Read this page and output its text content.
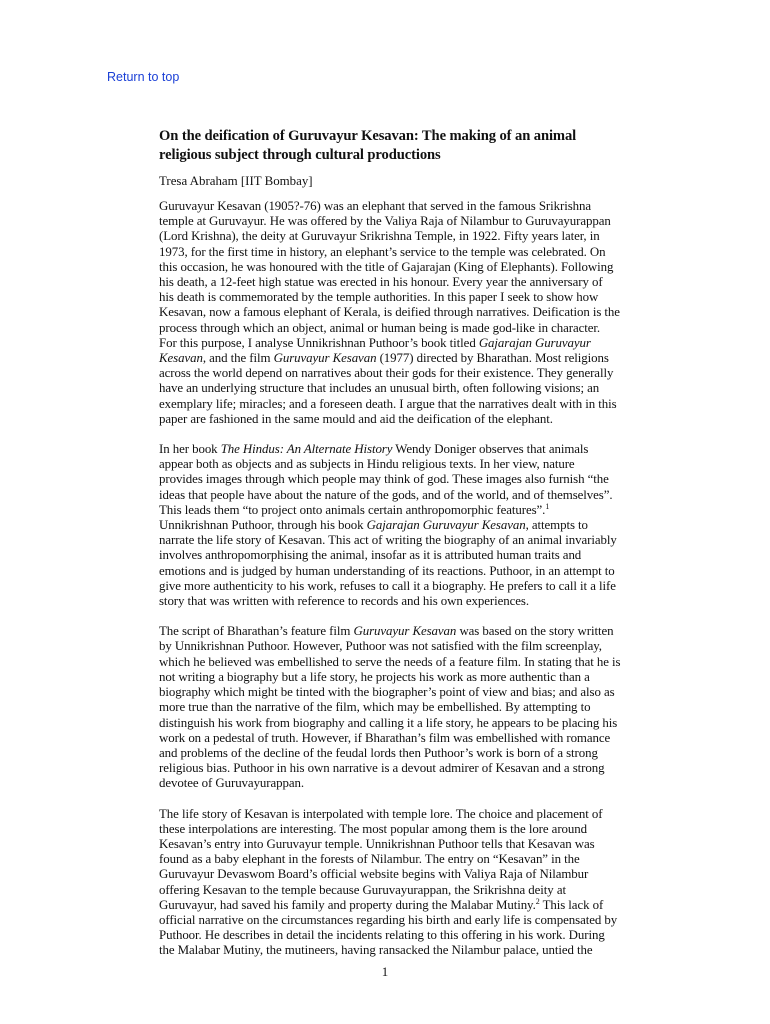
Return to top
On the deification of Guruvayur Kesavan: The making of an animal
religious subject through cultural productions
Tresa Abraham [IIT Bombay]

Guruvayur Kesavan (1905?-76) was an elephant that served in the famous Srikrishna
temple at Guruvayur. He was offered by the Valiya Raja of Nilambur to Guruvayurappan
(Lord Krishna), the deity at Guruvayur Srikrishna Temple, in 1922. Fifty years later, in
1973, for the first time in history, an elephant’s service to the temple was celebrated. On
this occasion, he was honoured with the title of Gajarajan (King of Elephants). Following
his death, a 12-feet high statue was erected in his honour. Every year the anniversary of
his death is commemorated by the temple authorities. In this paper I seek to show how
Kesavan, now a famous elephant of Kerala, is deified through narratives. Deification is the
process through which an object, animal or human being is made god-like in character.
For this purpose, I analyse Unnikrishnan Puthoor’s book titled Gajarajan Guruvayur
Kesavan, and the film Guruvayur Kesavan (1977) directed by Bharathan. Most religions
across the world depend on narratives about their gods for their existence. They generally
have an underlying structure that includes an unusual birth, often following visions; an
exemplary life; miracles; and a foreseen death. I argue that the narratives dealt with in this
paper are fashioned in the same mould and aid the deification of the elephant.

In her book The Hindus: An Alternate History Wendy Doniger observes that animals
appear both as objects and as subjects in Hindu religious texts. In her view, nature
provides images through which people may think of god. These images also furnish “the
ideas that people have about the nature of the gods, and of the world, and of themselves”.
This leads them “to project onto animals certain anthropomorphic features”.$^1$
Unnikrishnan Puthoor, through his book Gajarajan Guruvayur Kesavan, attempts to
narrate the life story of Kesavan. This act of writing the biography of an animal invariably
involves anthropomorphising the animal, insofar as it is attributed human traits and
emotions and is judged by human understanding of its reactions. Puthoor, in an attempt to
give more authenticity to his work, refuses to call it a biography. He prefers to call it a life
story that was written with reference to records and his own experiences.

The script of Bharathan’s feature film Guruvayur Kesavan was based on the story written
by Unnikrishnan Puthoor. However, Puthoor was not satisfied with the film screenplay,
which he believed was embellished to serve the needs of a feature film. In stating that he is
not writing a biography but a life story, he projects his work as more authentic than a
biography which might be tinted with the biographer’s point of view and bias; and also as
more true than the narrative of the film, which may be embellished. By attempting to
distinguish his work from biography and calling it a life story, he appears to be placing his
work on a pedestal of truth. However, if Bharathan’s film was embellished with romance
and problems of the decline of the feudal lords then Puthoor’s work is born of a strong
religious bias. Puthoor in his own narrative is a devout admirer of Kesavan and a strong
devotee of Guruvayurappan.

The life story of Kesavan is interpolated with temple lore. The choice and placement of
these interpolations are interesting. The most popular among them is the lore around
Kesavan’s entry into Guruvayur temple. Unnikrishnan Puthoor tells that Kesavan was
found as a baby elephant in the forests of Nilambur. The entry on “Kesavan” in the
Guruvayur Devaswom Board’s official website begins with Valiya Raja of Nilambur
offering Kesavan to the temple because Guruvayurappan, the Srikrishna deity at
Guruvayur, had saved his family and property during the Malabar Mutiny.$^2$ This lack of
official narrative on the circumstances regarding his birth and early life is compensated by
Puthoor. He describes in detail the incidents relating to this offering in his work. During
the Malabar Mutiny, the mutineers, having ransacked the Nilambur palace, untied the

1
